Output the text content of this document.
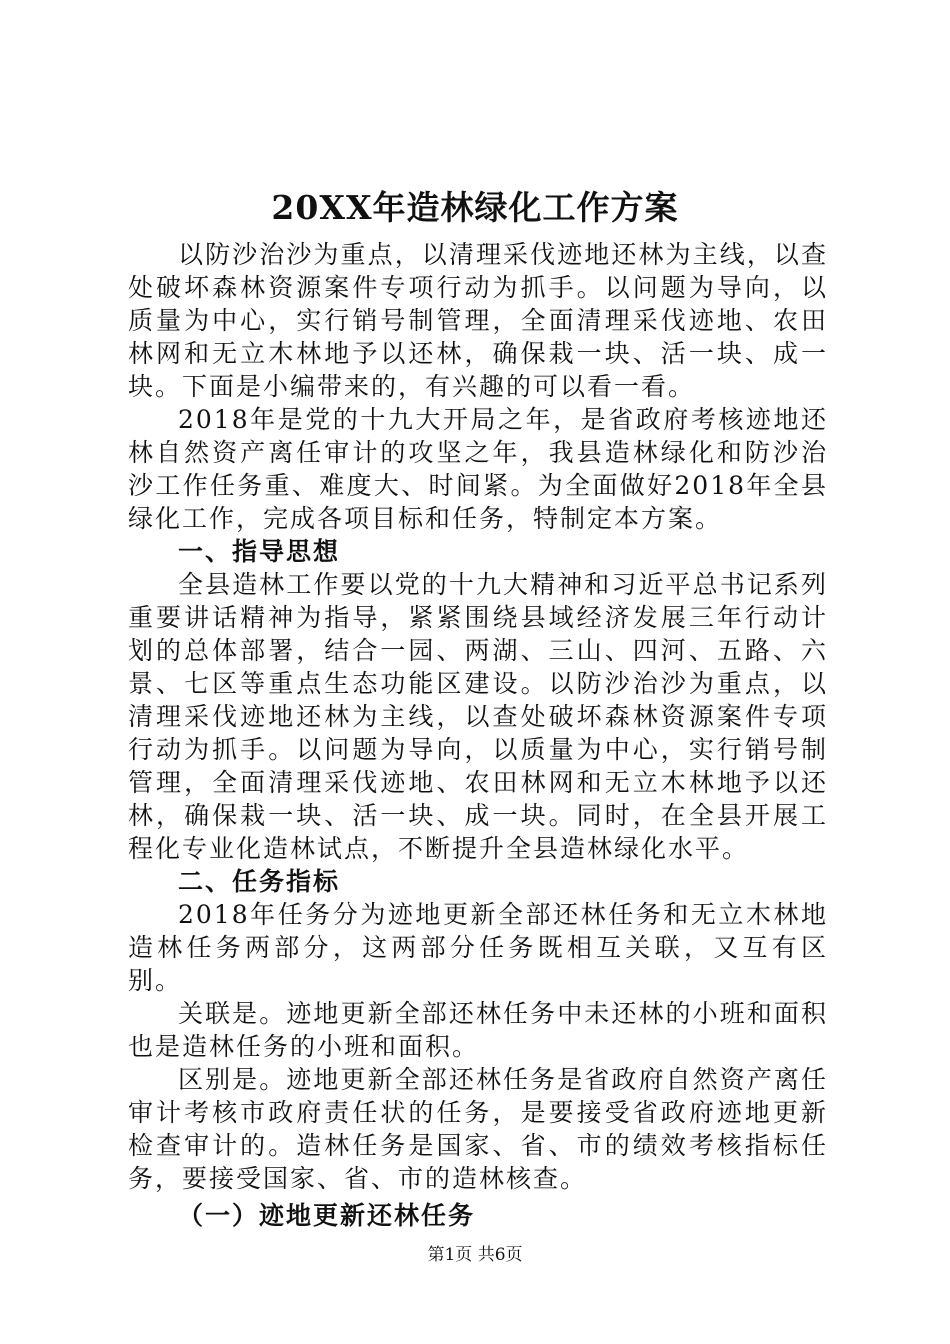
20XX年造林绿化工作方案

以防沙治沙为重点，以清理采伐迹地还林为主线，以查处破坏森林资源案件专项行动为抓手。以问题为导向，以质量为中心，实行销号制管理，全面清理采伐迹地、农田林网和无立木林地予以还林，确保栽一块、活一块、成一块。下面是小编带来的，有兴趣的可以看一看。

2018年是党的十九大开局之年，是省政府考核迹地还林自然资产离任审计的攻坚之年，我县造林绿化和防沙治沙工作任务重、难度大、时间紧。为全面做好2018年全县绿化工作，完成各项目标和任务，特制定本方案。

一、指导思想

全县造林工作要以党的十九大精神和习近平总书记系列重要讲话精神为指导，紧紧围绕县域经济发展三年行动计划的总体部署，结合一园、两湖、三山、四河、五路、六景、七区等重点生态功能区建设。以防沙治沙为重点，以清理采伐迹地还林为主线，以查处破坏森林资源案件专项行动为抓手。以问题为导向，以质量为中心，实行销号制管理，全面清理采伐迹地、农田林网和无立木林地予以还林，确保栽一块、活一块、成一块。同时，在全县开展工程化专业化造林试点，不断提升全县造林绿化水平。

二、任务指标

2018年任务分为迹地更新全部还林任务和无立木林地造林任务两部分，这两部分任务既相互关联，又互有区别。

关联是。迹地更新全部还林任务中未还林的小班和面积也是造林任务的小班和面积。

区别是。迹地更新全部还林任务是省政府自然资产离任审计考核市政府责任状的任务，是要接受省政府迹地更新检查审计的。造林任务是国家、省、市的绩效考核指标任务，要接受国家、省、市的造林核查。

（一）迹地更新还林任务
第1页 共6页
